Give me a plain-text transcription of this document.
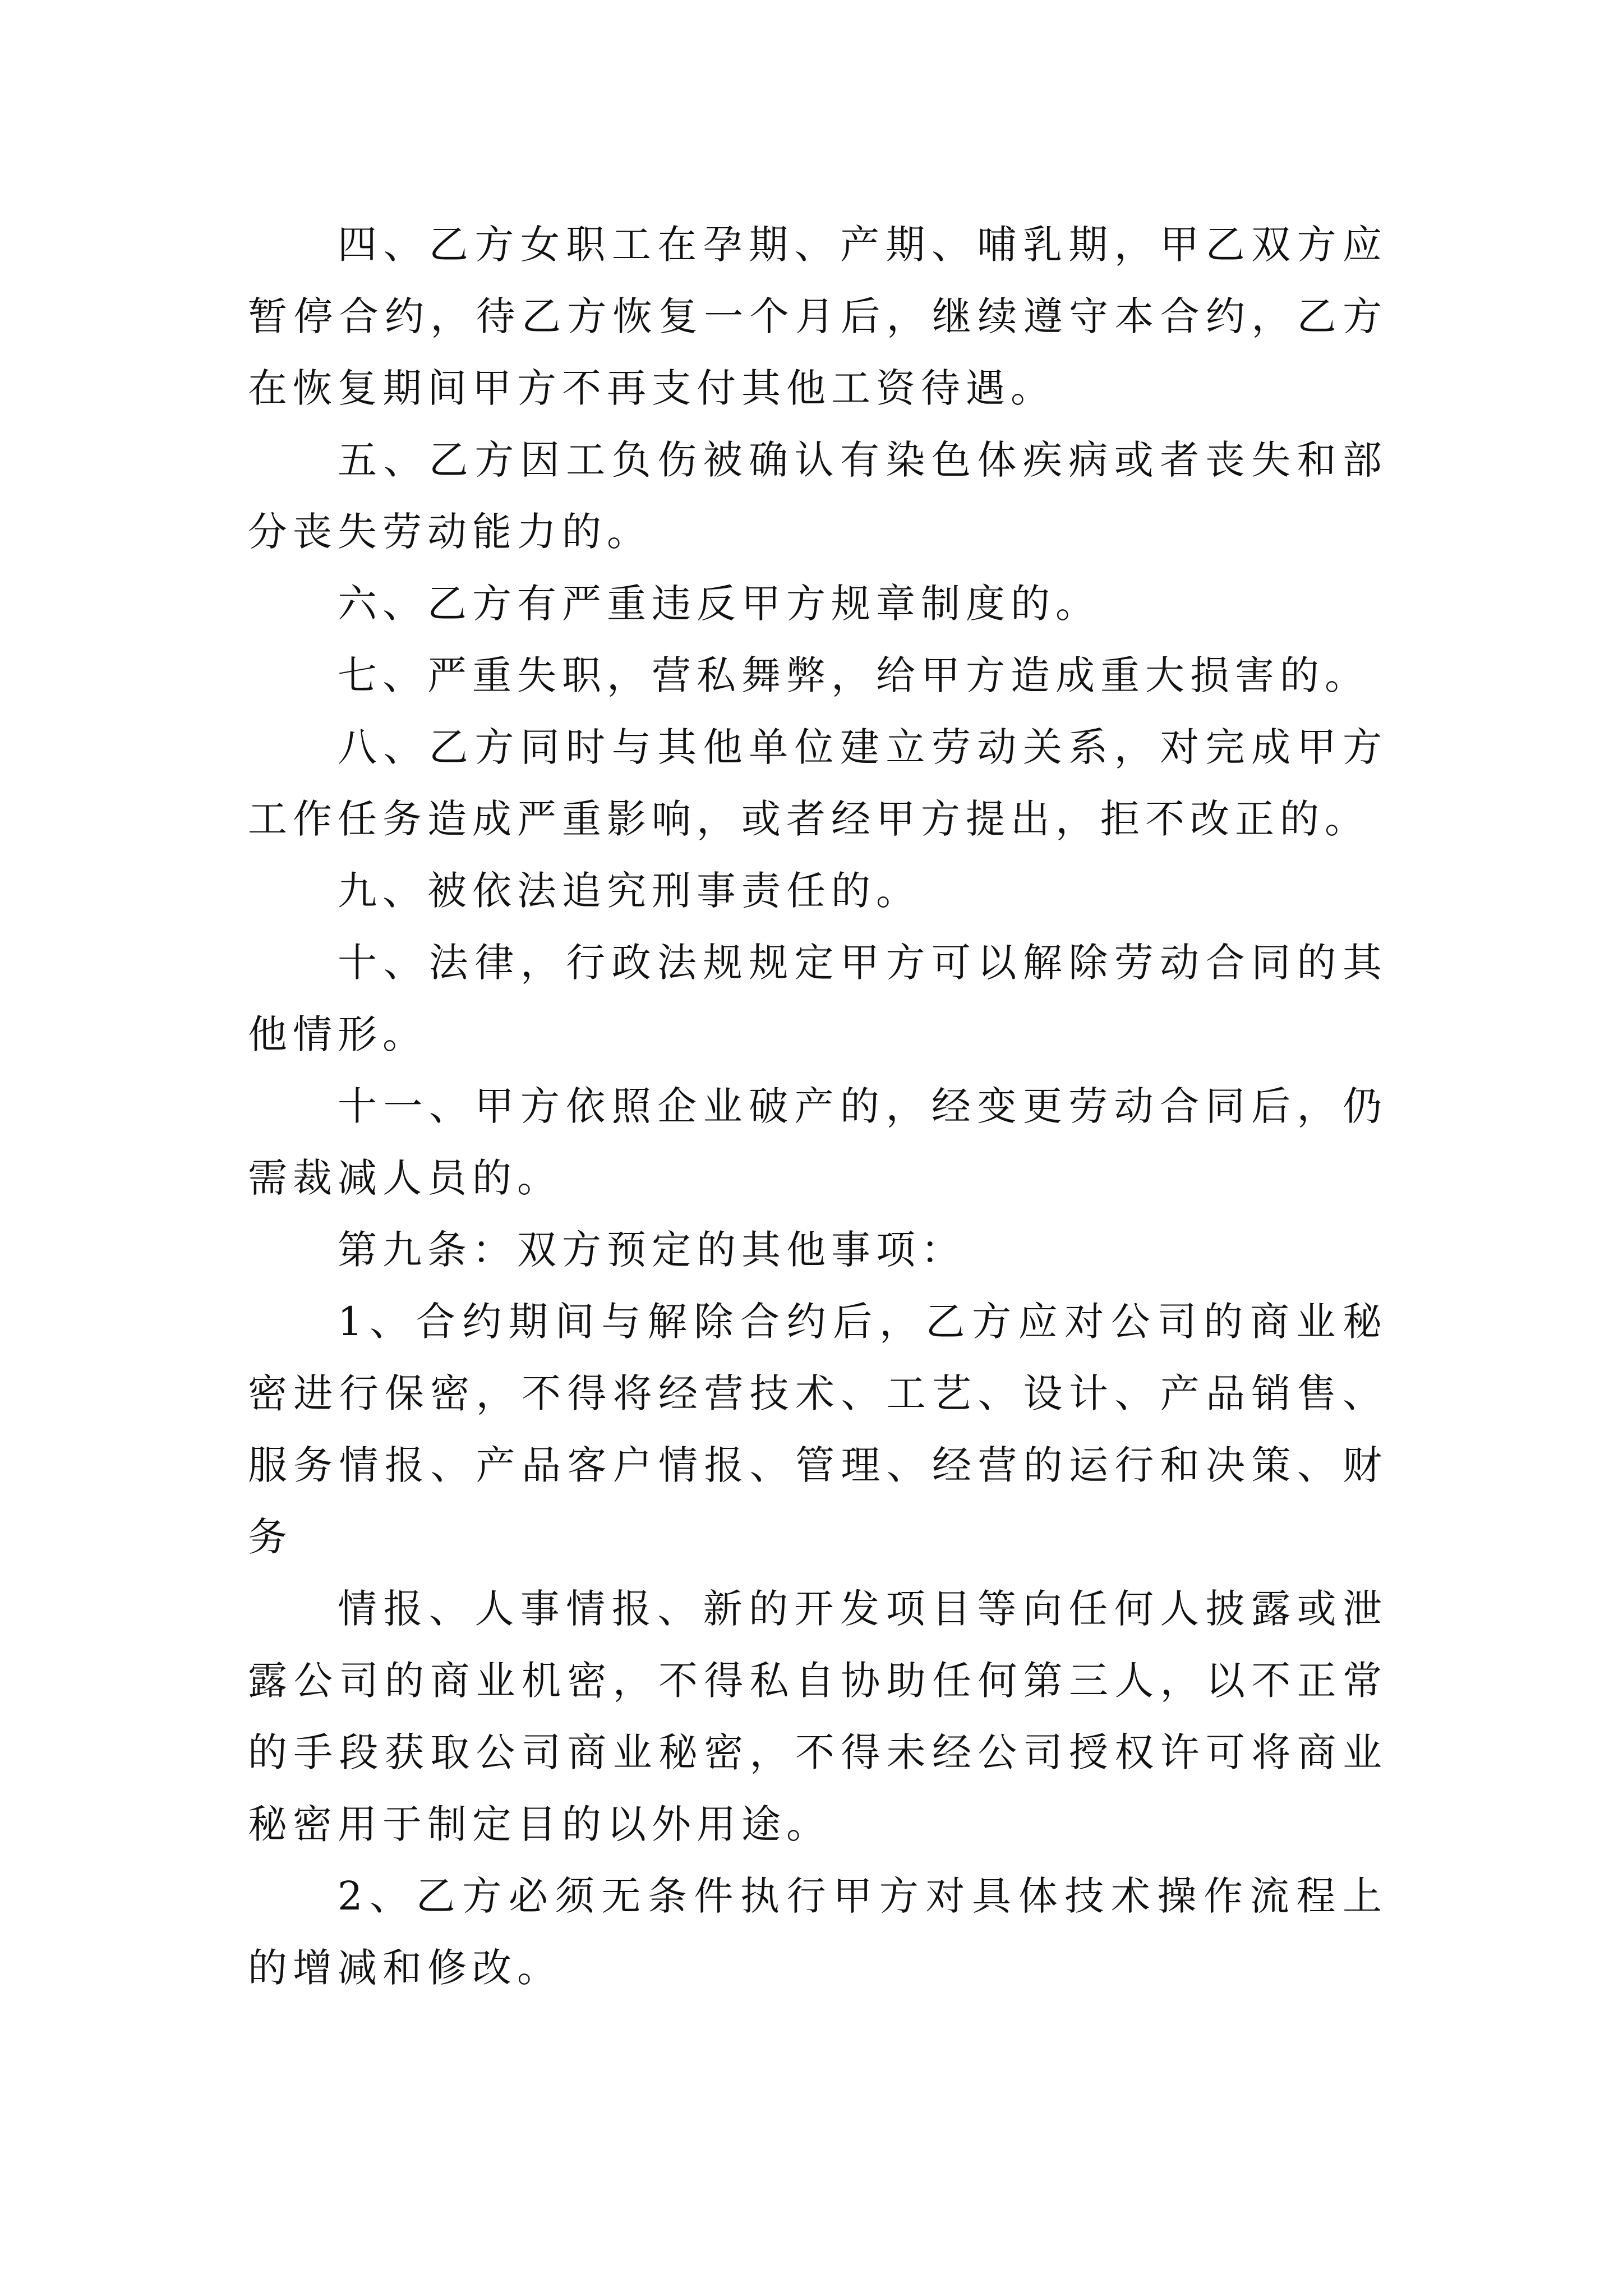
四、乙方女职工在孕期、产期、哺乳期，甲乙双方应暂停合约，待乙方恢复一个月后，继续遵守本合约，乙方在恢复期间甲方不再支付其他工资待遇。

五、乙方因工负伤被确认有染色体疾病或者丧失和部分丧失劳动能力的。

六、乙方有严重违反甲方规章制度的。

七、严重失职，营私舞弊，给甲方造成重大损害的。

八、乙方同时与其他单位建立劳动关系，对完成甲方工作任务造成严重影响，或者经甲方提出，拒不改正的。

九、被依法追究刑事责任的。

十、法律，行政法规规定甲方可以解除劳动合同的其他情形。

十一、甲方依照企业破产的，经变更劳动合同后，仍需裁减人员的。

第九条：双方预定的其他事项：

1、合约期间与解除合约后，乙方应对公司的商业秘密进行保密，不得将经营技术、工艺、设计、产品销售、服务情报、产品客户情报、管理、经营的运行和决策、财务

情报、人事情报、新的开发项目等向任何人披露或泄露公司的商业机密，不得私自协助任何第三人，以不正常的手段获取公司商业秘密，不得未经公司授权许可将商业秘密用于制定目的以外用途。

2、乙方必须无条件执行甲方对具体技术操作流程上的增减和修改。
